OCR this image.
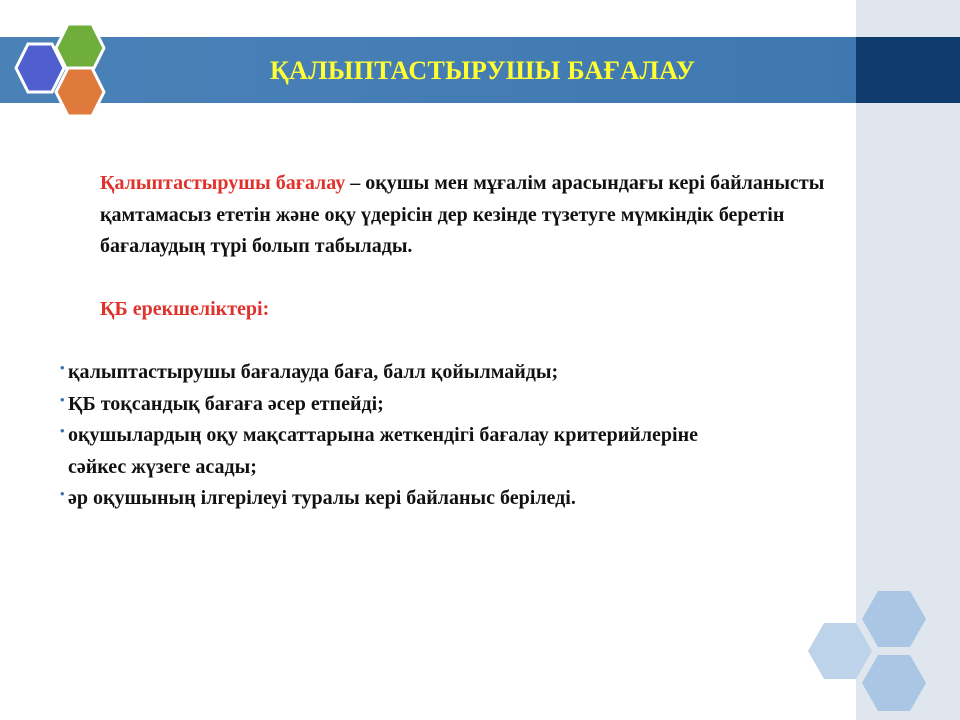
ҚАЛЫПТАСТЫРУШЫ БАҒАЛАУ

Қалыптастырушы бағалау – оқушы мен мұғалім арасындағы кері байланысты қамтамасыз ететін және оқу үдерісін дер кезінде түзетуге мүмкіндік беретін бағалаудың түрі болып табылады.

ҚБ ерекшеліктері:

• қалыптастырушы бағалауда баға, балл қойылмайды;
• ҚБ тоқсандық бағаға әсер етпейді;
• оқушылардың оқу мақсаттарына жеткендігі бағалау критерийлеріне сәйкес жүзеге асады;
• әр оқушының ілгерілеуі туралы кері байланыс беріледі.
